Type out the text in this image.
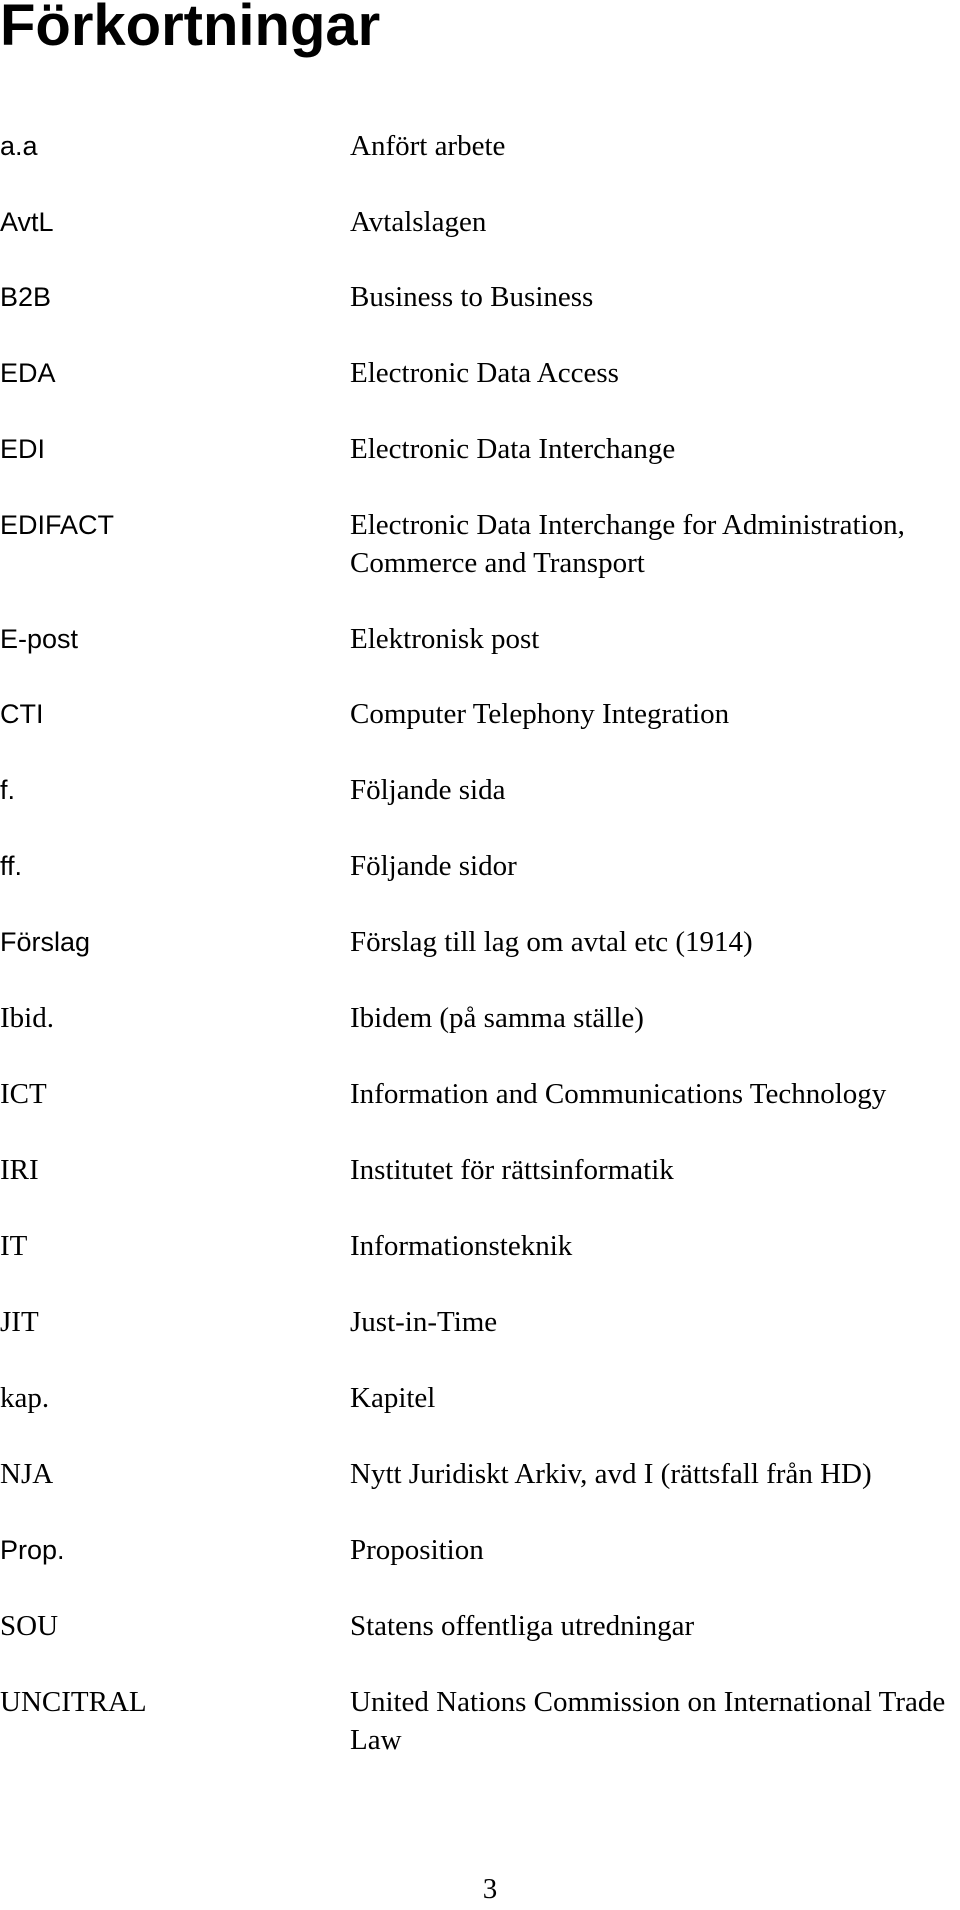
Förkortningar
a.a	Anfört arbete
AvtL	Avtalslagen
B2B	Business to Business
EDA	Electronic Data Access
EDI	Electronic Data Interchange
EDIFACT	Electronic Data Interchange for Administration, Commerce and Transport
E-post	Elektronisk post
CTI	Computer Telephony Integration
f.	Följande sida
ff.	Följande sidor
Förslag	Förslag till lag om avtal etc (1914)
Ibid.	Ibidem (på samma ställe)
ICT	Information and Communications Technology
IRI	Institutet för rättsinformatik
IT	Informationsteknik
JIT	Just-in-Time
kap.	Kapitel
NJA	Nytt Juridiskt Arkiv, avd I (rättsfall från HD)
Prop.	Proposition
SOU	Statens offentliga utredningar
UNCITRAL	United Nations Commission on International Trade Law
3
